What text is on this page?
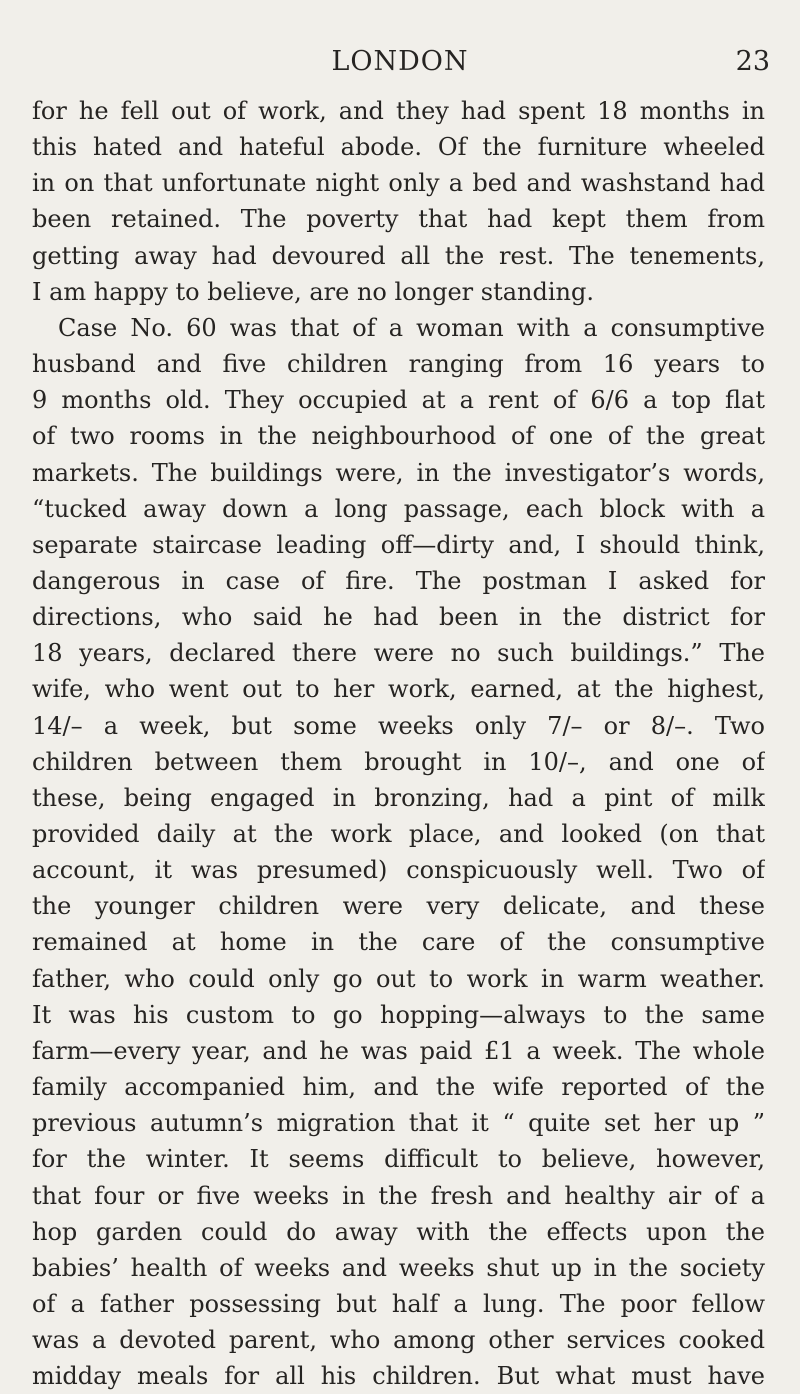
LONDON	23
for he fell out of work, and they had spent 18 months in
this hated and hateful abode. Of the furniture wheeled
in on that unfortunate night only a bed and washstand had
been retained. The poverty that had kept them from
getting away had devoured all the rest. The tenements,
I am happy to believe, are no longer standing.
Case No. 60 was that of a woman with a consumptive
husband and five children ranging from 16 years to
9 months old. They occupied at a rent of 6/6 a top flat
of two rooms in the neighbourhood of one of the great
markets. The buildings were, in the investigator’s words,
“tucked away down a long passage, each block with a
separate staircase leading off—dirty and, I should think,
dangerous in case of fire. The postman I asked for
directions, who said he had been in the district for
18 years, declared there were no such buildings.” The
wife, who went out to her work, earned, at the highest,
14/– a week, but some weeks only 7/– or 8/–. Two
children between them brought in 10/–, and one of
these, being engaged in bronzing, had a pint of milk
provided daily at the work place, and looked (on that
account, it was presumed) conspicuously well. Two of
the younger children were very delicate, and these
remained at home in the care of the consumptive
father, who could only go out to work in warm weather.
It was his custom to go hopping—always to the same
farm—every year, and he was paid £1 a week. The whole
family accompanied him, and the wife reported of the
previous autumn’s migration that it “ quite set her up ”
for the winter. It seems difficult to believe, however,
that four or five weeks in the fresh and healthy air of a
hop garden could do away with the effects upon the
babies’ health of weeks and weeks shut up in the society
of a father possessing but half a lung. The poor fellow
was a devoted parent, who among other services cooked
midday meals for all his children. But what must have
